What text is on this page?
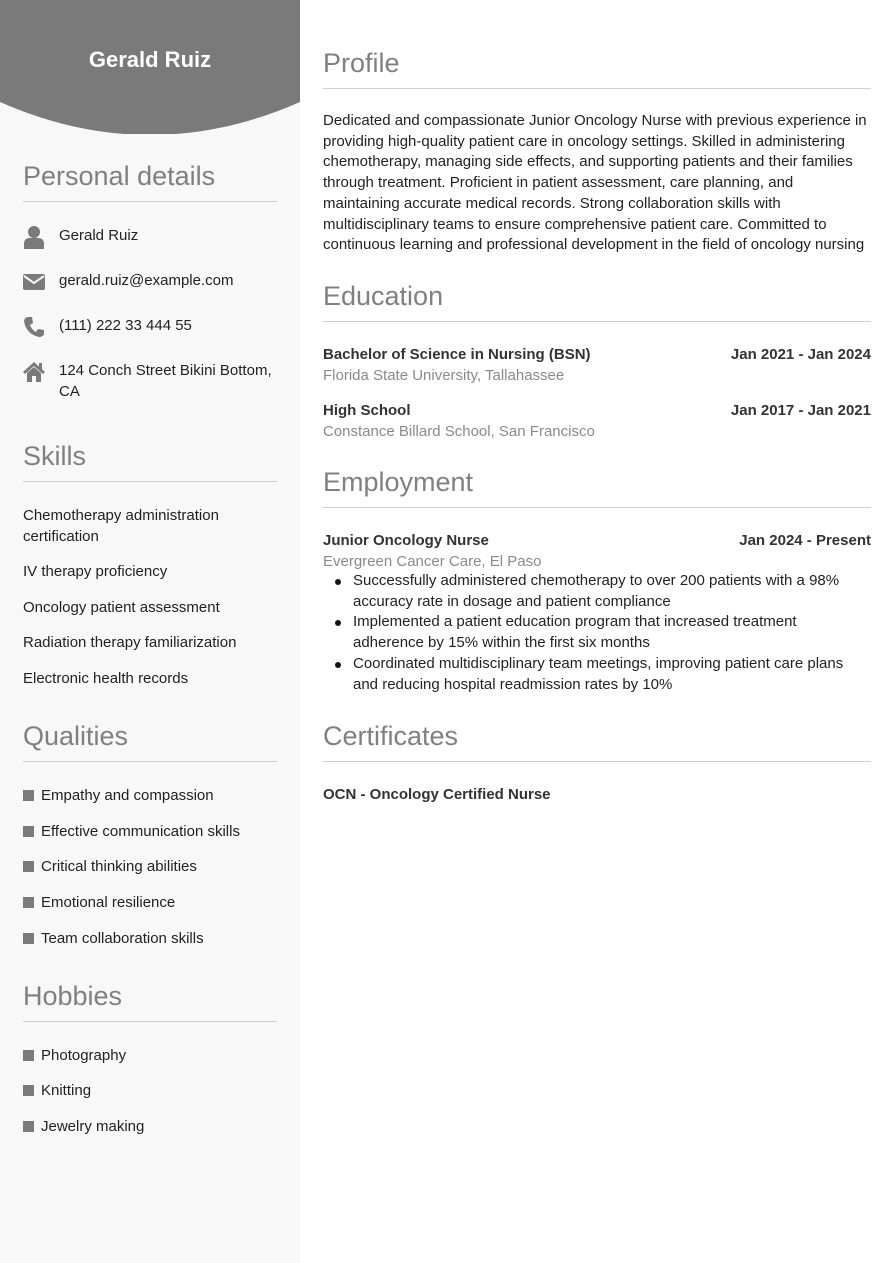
Gerald Ruiz
Personal details
Gerald Ruiz
gerald.ruiz@example.com
(111) 222 33 444 55
124 Conch Street Bikini Bottom, CA
Skills
Chemotherapy administration certification
IV therapy proficiency
Oncology patient assessment
Radiation therapy familiarization
Electronic health records
Qualities
Empathy and compassion
Effective communication skills
Critical thinking abilities
Emotional resilience
Team collaboration skills
Hobbies
Photography
Knitting
Jewelry making
Profile
Dedicated and compassionate Junior Oncology Nurse with previous experience in providing high-quality patient care in oncology settings. Skilled in administering chemotherapy, managing side effects, and supporting patients and their families through treatment. Proficient in patient assessment, care planning, and maintaining accurate medical records. Strong collaboration skills with multidisciplinary teams to ensure comprehensive patient care. Committed to continuous learning and professional development in the field of oncology nursing
Education
Bachelor of Science in Nursing (BSN)	Jan 2021 - Jan 2024
Florida State University, Tallahassee
High School	Jan 2017 - Jan 2021
Constance Billard School, San Francisco
Employment
Junior Oncology Nurse	Jan 2024 - Present
Evergreen Cancer Care, El Paso
Successfully administered chemotherapy to over 200 patients with a 98% accuracy rate in dosage and patient compliance
Implemented a patient education program that increased treatment adherence by 15% within the first six months
Coordinated multidisciplinary team meetings, improving patient care plans and reducing hospital readmission rates by 10%
Certificates
OCN - Oncology Certified Nurse
